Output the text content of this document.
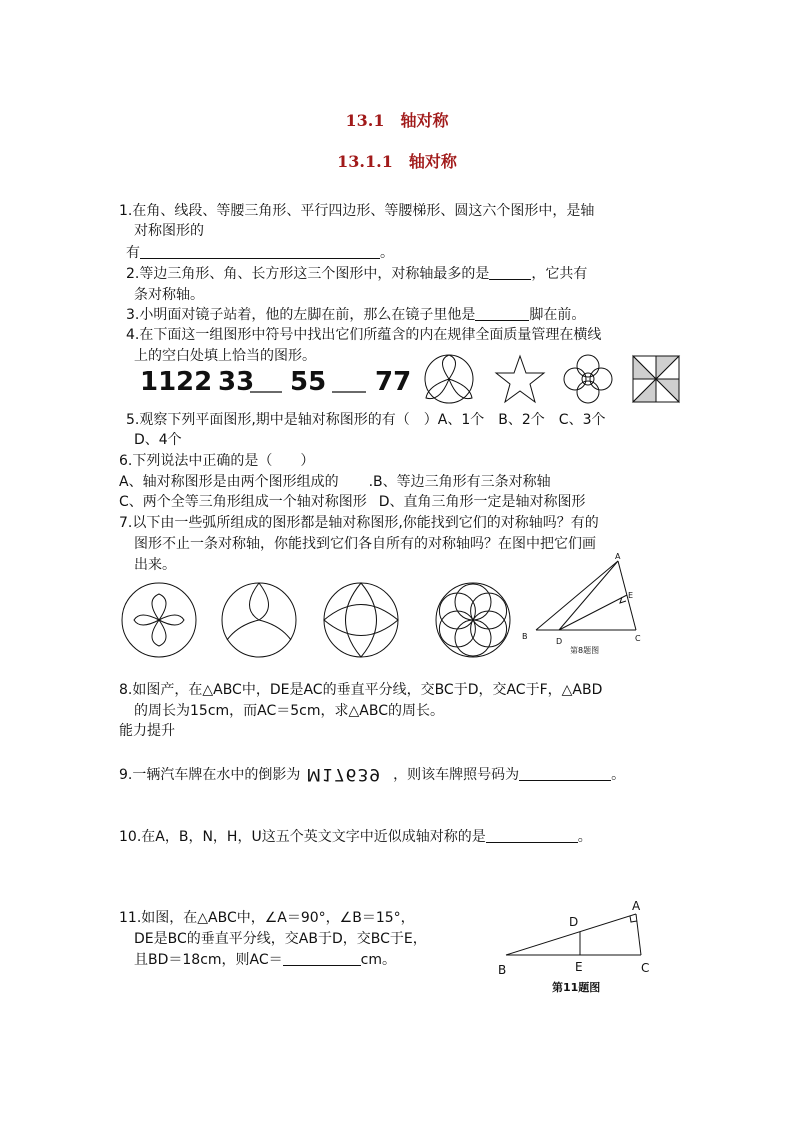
13.1　轴对称
13.1.1　轴对称
1.在角、线段、等腰三角形、平行四边形、等腰梯形、圆这六个图形中，是轴
对称图形的
有	。
2.等边三角形、角、长方形这三个图形中，对称轴最多的是	，它共有
条对称轴。
3.小明面对镜子站着，他的左脚在前，那么在镜子里他是	脚在前。
4.在下面这一组图形中符号中找出它们所蕴含的内在规律全面质量管理在横线
上的空白处填上恰当的图形。
11 22 33 55 77
5.观察下列平面图形,期中是轴对称图形的有（　）A、1个　B、2个　C、3个
D、4个
6.下列说法中正确的是（　　）
A、轴对称图形是由两个图形组成的 .B、等边三角形有三条对称轴
C、两个全等三角形组成一个轴对称图形 D、直角三角形一定是轴对称图形
7.以下由一些弧所组成的图形都是轴对称图形,你能找到它们的对称轴吗？有的
图形不止一条对称轴，你能找到它们各自所有的对称轴吗？在图中把它们画
出来。
A
B	C
D
E
第8题图
8.如图产，在△ABC中，DE是AC的垂直平分线，交BC于D，交AC于F，△ABD
的周长为15cm，而AC＝5cm，求△ABC的周长。
能力提升
9.一辆汽车牌在水中的倒影为 M17639 ，则该车牌照号码为	。
10.在A，B，N，H，U这五个英文文字中近似成轴对称的是	。
11.如图，在△ABC中，∠A＝90°，∠B＝15°，
DE是BC的垂直平分线，交AB于D，交BC于E，
且BD＝18cm，则AC＝	cm。
A
B	C
D
E
第11题图
